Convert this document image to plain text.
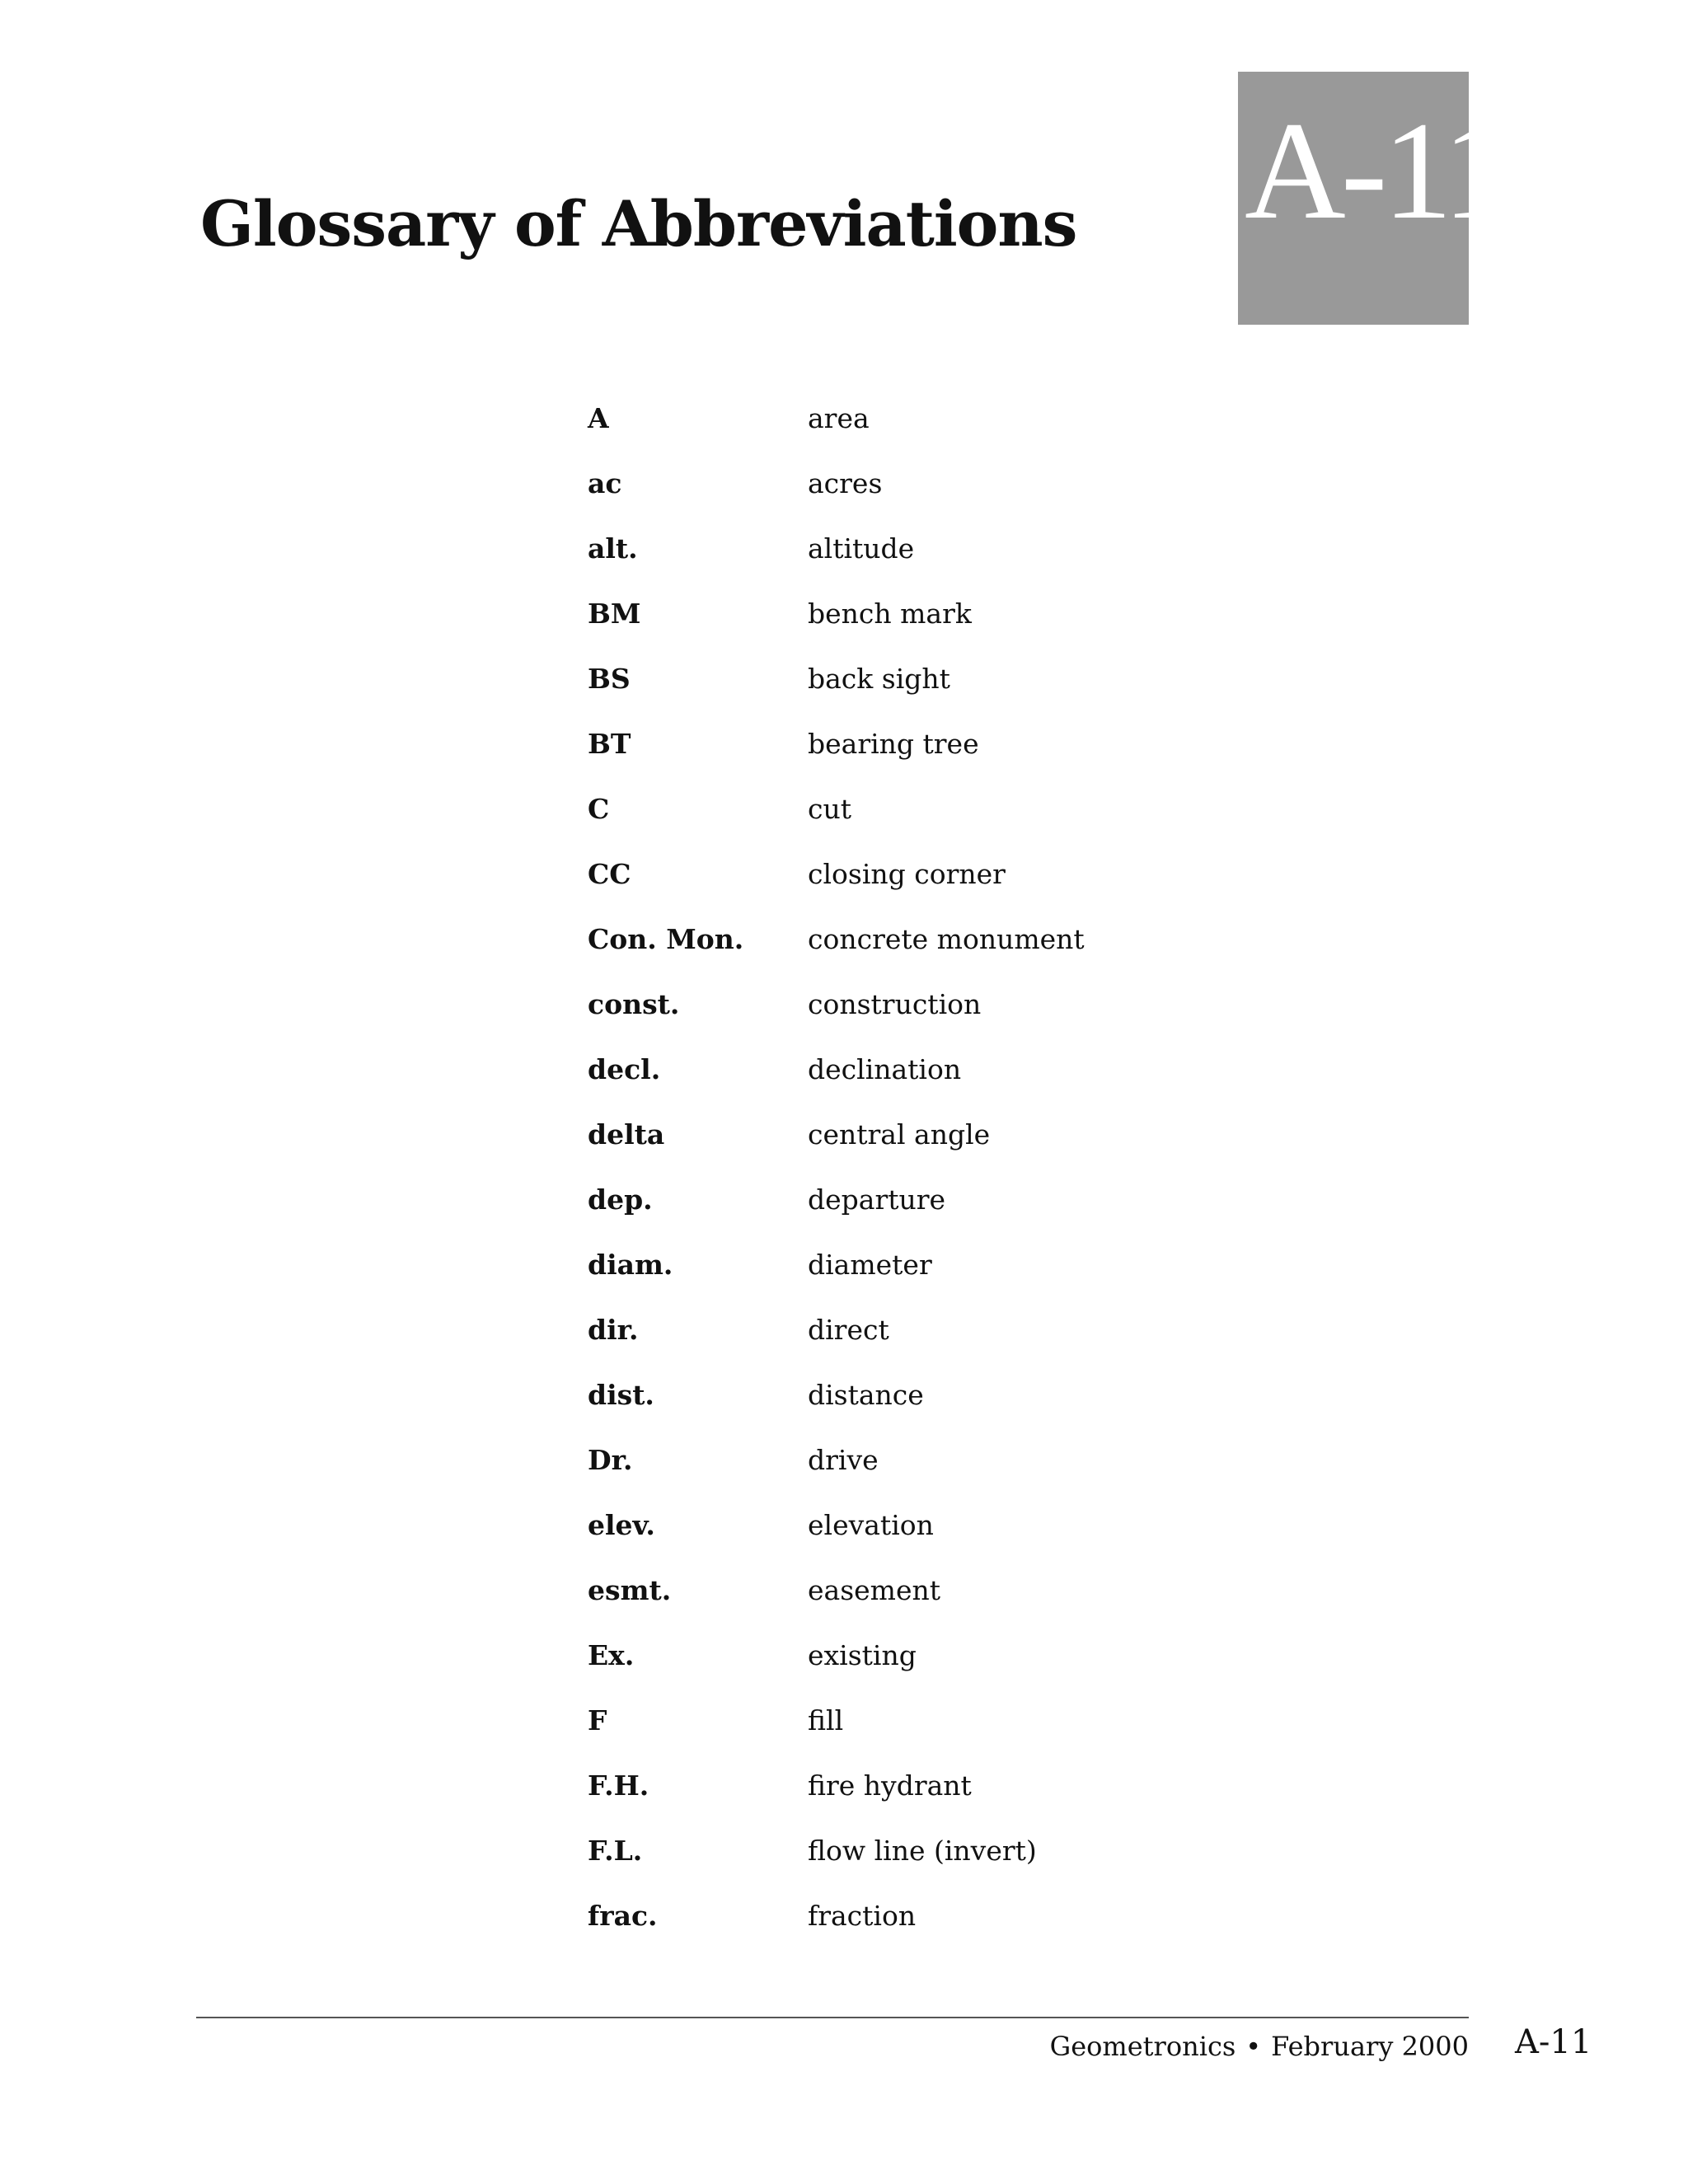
Glossary of Abbreviations A-11
A	area
ac	acres
alt.	altitude
BM	bench mark
BS	back sight
BT	bearing tree
C	cut
CC	closing corner
Con. Mon.	concrete monument
const.	construction
decl.	declination
delta	central angle
dep.	departure
diam.	diameter
dir.	direct
dist.	distance
Dr.	drive
elev.	elevation
esmt.	easement
Ex.	existing
F	fill
F.H.	fire hydrant
F.L.	flow line (invert)
frac.	fraction
Geometronics • February 2000 A-11
